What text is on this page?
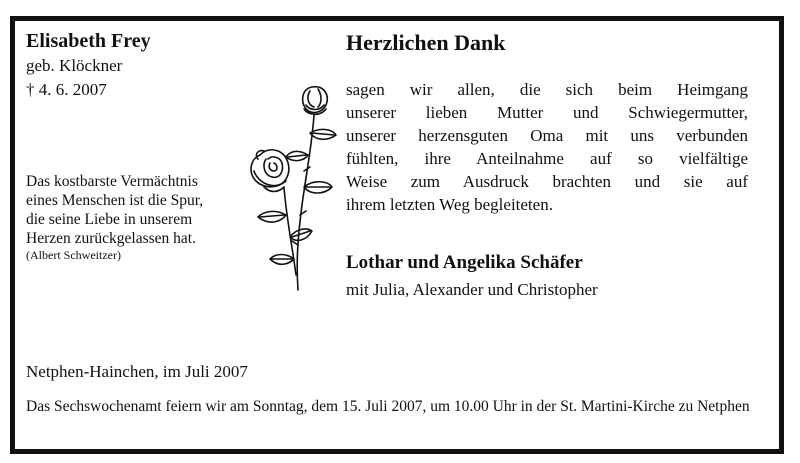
Elisabeth Frey
geb. Klöckner
† 4. 6. 2007
Das kostbarste Vermächtnis
eines Menschen ist die Spur,
die seine Liebe in unserem
Herzen zurückgelassen hat.
(Albert Schweitzer)
Herzlichen Dank
sagen wir allen, die sich beim Heimgang
unserer lieben Mutter und Schwiegermutter,
unserer herzensguten Oma mit uns verbunden
fühlten, ihre Anteilnahme auf so vielfältige
Weise zum Ausdruck brachten und sie auf
ihrem letzten Weg begleiteten.
Lothar und Angelika Schäfer
mit Julia, Alexander und Christopher
Netphen-Hainchen, im Juli 2007
Das Sechswochenamt feiern wir am Sonntag, dem 15. Juli 2007, um 10.00 Uhr in der St. Martini-Kirche zu Netphen
